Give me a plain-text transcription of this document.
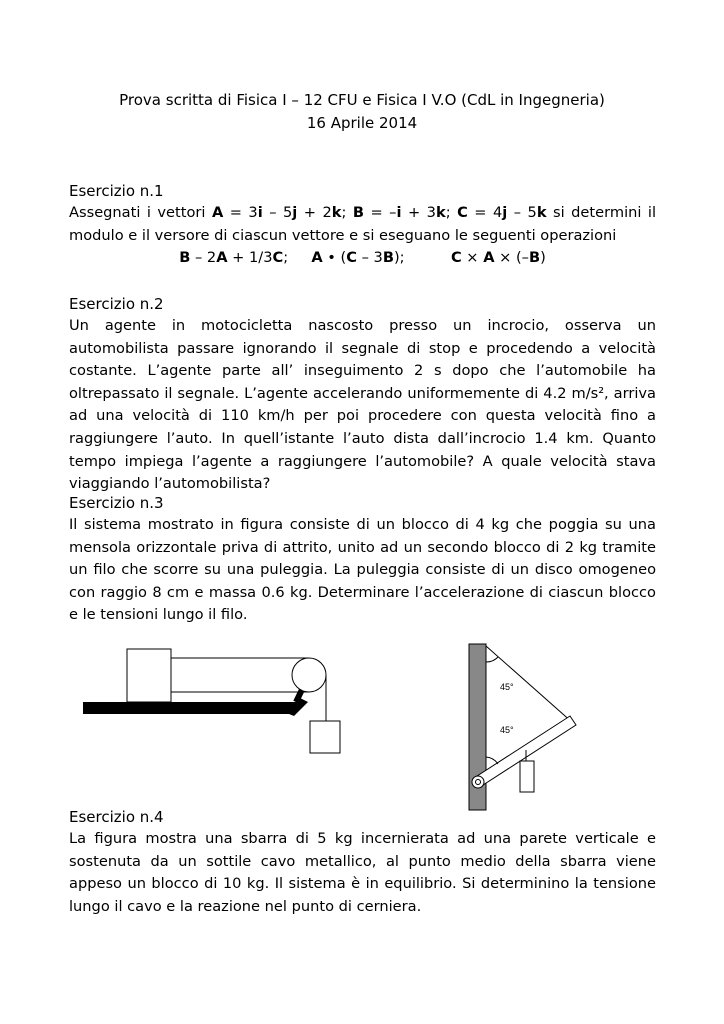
Prova scritta di Fisica I – 12 CFU e Fisica I V.O (CdL in Ingegneria)
16 Aprile 2014
Esercizio n.1
Assegnati i vettori A = 3i – 5j + 2k; B = –i + 3k; C = 4j – 5k si determini il modulo e il versore di ciascun vettore e si eseguano le seguenti operazioni
B – 2A + 1/3C; A • (C – 3B);	C × A × (–B)
Esercizio n.2
Un agente in motocicletta nascosto presso un incrocio, osserva un automobilista passare ignorando il segnale di stop e procedendo a velocità costante. L’agente parte all’ inseguimento 2 s dopo che l’automobile ha oltrepassato il segnale. L’agente accelerando uniformemente di 4.2 m/s², arriva ad una velocità di 110 km/h per poi procedere con questa velocità fino a raggiungere l’auto. In quell’istante l’auto dista dall’incrocio 1.4 km. Quanto tempo impiega l’agente a raggiungere l’automobile? A quale velocità stava viaggiando l’automobilista?
Esercizio n.3
Il sistema mostrato in figura consiste di un blocco di 4 kg che poggia su una mensola orizzontale priva di attrito, unito ad un secondo blocco di 2 kg tramite un filo che scorre su una puleggia. La puleggia consiste di un disco omogeneo con raggio 8 cm e massa 0.6 kg. Determinare l’accelerazione di ciascun blocco e le tensioni lungo il filo.
45°
45°
Esercizio n.4
La figura mostra una sbarra di 5 kg incernierata ad una parete verticale e sostenuta da un sottile cavo metallico, al punto medio della sbarra viene appeso un blocco di 10 kg. Il sistema è in equilibrio. Si determinino la tensione lungo il cavo e la reazione nel punto di cerniera.
